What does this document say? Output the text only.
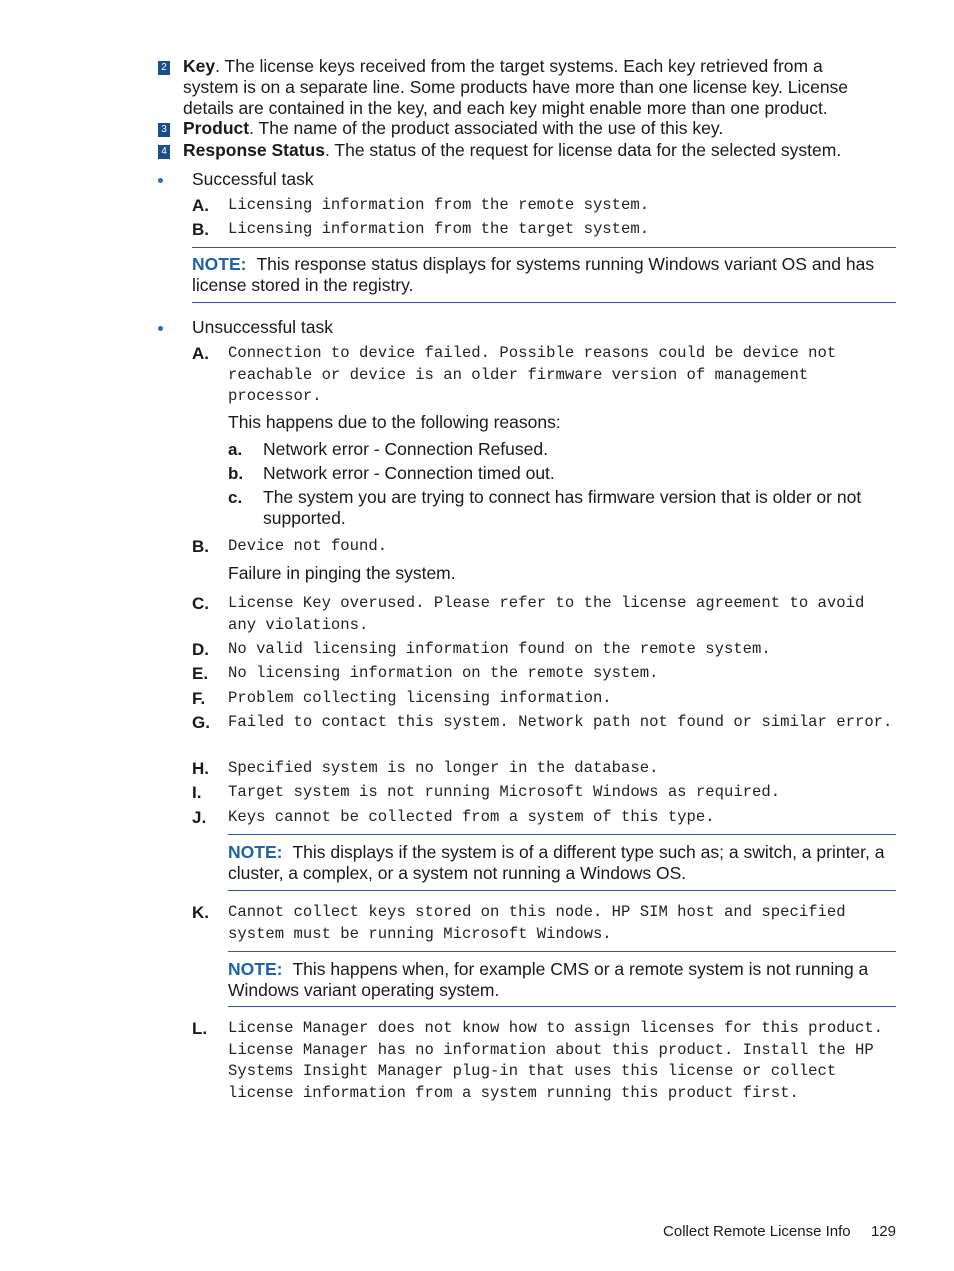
2 Key. The license keys received from the target systems. Each key retrieved from a system is on a separate line. Some products have more than one license key. License details are contained in the key, and each key might enable more than one product.
3 Product. The name of the product associated with the use of this key.
4 Response Status. The status of the request for license data for the selected system.
Successful task
A. Licensing information from the remote system.
B. Licensing information from the target system.
NOTE: This response status displays for systems running Windows variant OS and has license stored in the registry.
Unsuccessful task
A. Connection to device failed. Possible reasons could be device not reachable or device is an older firmware version of management processor.
This happens due to the following reasons:
a. Network error - Connection Refused.
b. Network error - Connection timed out.
c. The system you are trying to connect has firmware version that is older or not supported.
B. Device not found.
Failure in pinging the system.
C. License Key overused. Please refer to the license agreement to avoid any violations.
D. No valid licensing information found on the remote system.
E. No licensing information on the remote system.
F. Problem collecting licensing information.
G. Failed to contact this system. Network path not found or similar error.
H. Specified system is no longer in the database.
I. Target system is not running Microsoft Windows as required.
J. Keys cannot be collected from a system of this type.
NOTE: This displays if the system is of a different type such as; a switch, a printer, a cluster, a complex, or a system not running a Windows OS.
K. Cannot collect keys stored on this node. HP SIM host and specified system must be running Microsoft Windows.
NOTE: This happens when, for example CMS or a remote system is not running a Windows variant operating system.
L. License Manager does not know how to assign licenses for this product. License Manager has no information about this product. Install the HP Systems Insight Manager plug-in that uses this license or collect license information from a system running this product first.
Collect Remote License Info 129
